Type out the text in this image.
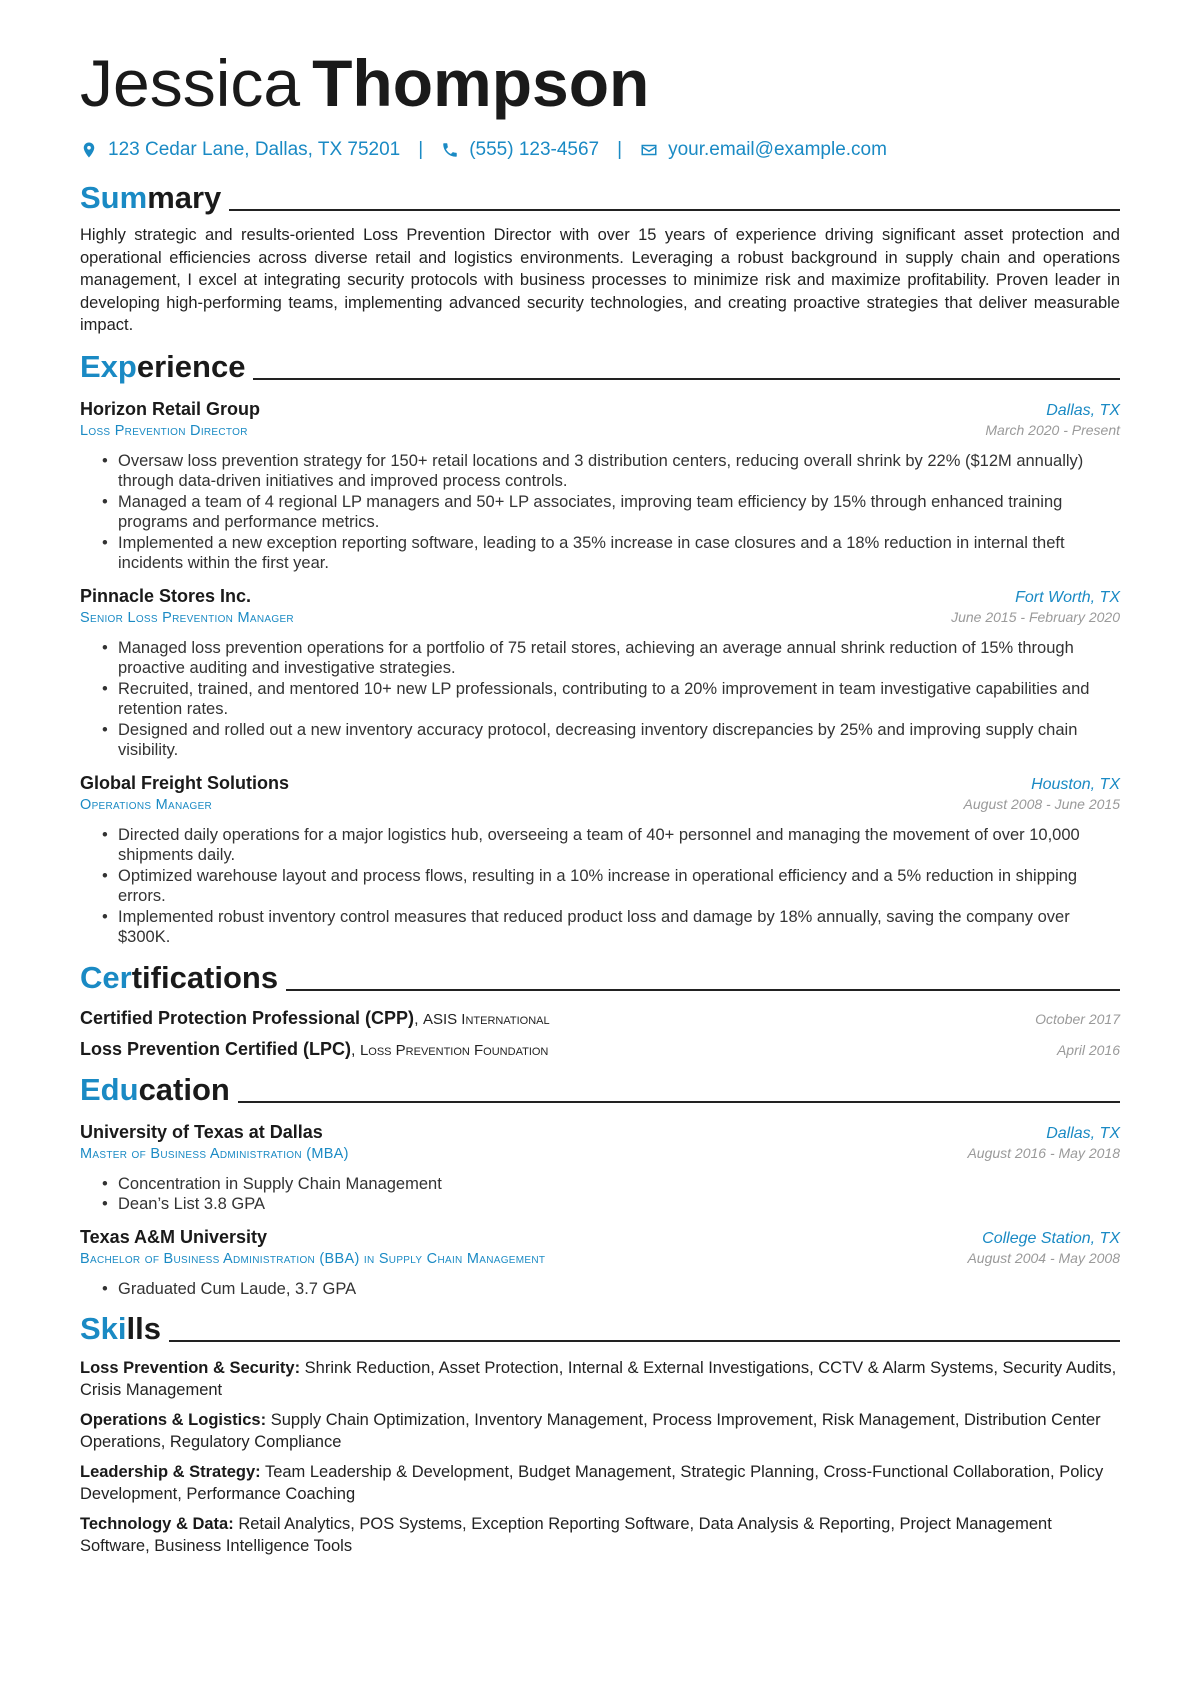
Jessica Thompson
123 Cedar Lane, Dallas, TX 75201 | (555) 123-4567 | your.email@example.com
Summary

Highly strategic and results-oriented Loss Prevention Director with over 15 years of experience driving significant asset protection and operational efficiencies across diverse retail and logistics environments. Leveraging a robust background in supply chain and operations management, I excel at integrating security protocols with business processes to minimize risk and maximize profitability. Proven leader in developing high-performing teams, implementing advanced security technologies, and creating proactive strategies that deliver measurable impact.

Experience
Horizon Retail Group	Dallas, TX
Loss Prevention Director	March 2020 - Present
• Oversaw loss prevention strategy for 150+ retail locations and 3 distribution centers, reducing overall shrink by 22% ($12M annually) through data-driven initiatives and improved process controls.
• Managed a team of 4 regional LP managers and 50+ LP associates, improving team efficiency by 15% through enhanced training programs and performance metrics.
• Implemented a new exception reporting software, leading to a 35% increase in case closures and a 18% reduction in internal theft incidents within the first year.
Pinnacle Stores Inc.	Fort Worth, TX
Senior Loss Prevention Manager	June 2015 - February 2020
• Managed loss prevention operations for a portfolio of 75 retail stores, achieving an average annual shrink reduction of 15% through proactive auditing and investigative strategies.
• Recruited, trained, and mentored 10+ new LP professionals, contributing to a 20% improvement in team investigative capabilities and retention rates.
• Designed and rolled out a new inventory accuracy protocol, decreasing inventory discrepancies by 25% and improving supply chain visibility.
Global Freight Solutions	Houston, TX
Operations Manager	August 2008 - June 2015
• Directed daily operations for a major logistics hub, overseeing a team of 40+ personnel and managing the movement of over 10,000 shipments daily.
• Optimized warehouse layout and process flows, resulting in a 10% increase in operational efficiency and a 5% reduction in shipping errors.
• Implemented robust inventory control measures that reduced product loss and damage by 18% annually, saving the company over $300K.
Certifications
Certified Protection Professional (CPP), ASIS International	October 2017
Loss Prevention Certified (LPC), Loss Prevention Foundation	April 2016
Education
University of Texas at Dallas	Dallas, TX
Master of Business Administration (MBA)	August 2016 - May 2018
• Concentration in Supply Chain Management
• Dean’s List 3.8 GPA
Texas A&M University	College Station, TX
Bachelor of Business Administration (BBA) in Supply Chain Management	August 2004 - May 2008
• Graduated Cum Laude, 3.7 GPA
Skills
Loss Prevention & Security: Shrink Reduction, Asset Protection, Internal & External Investigations, CCTV & Alarm Systems, Security Audits, Crisis Management
Operations & Logistics: Supply Chain Optimization, Inventory Management, Process Improvement, Risk Management, Distribution Center Operations, Regulatory Compliance
Leadership & Strategy: Team Leadership & Development, Budget Management, Strategic Planning, Cross-Functional Collaboration, Policy Development, Performance Coaching
Technology & Data: Retail Analytics, POS Systems, Exception Reporting Software, Data Analysis & Reporting, Project Management Software, Business Intelligence Tools
